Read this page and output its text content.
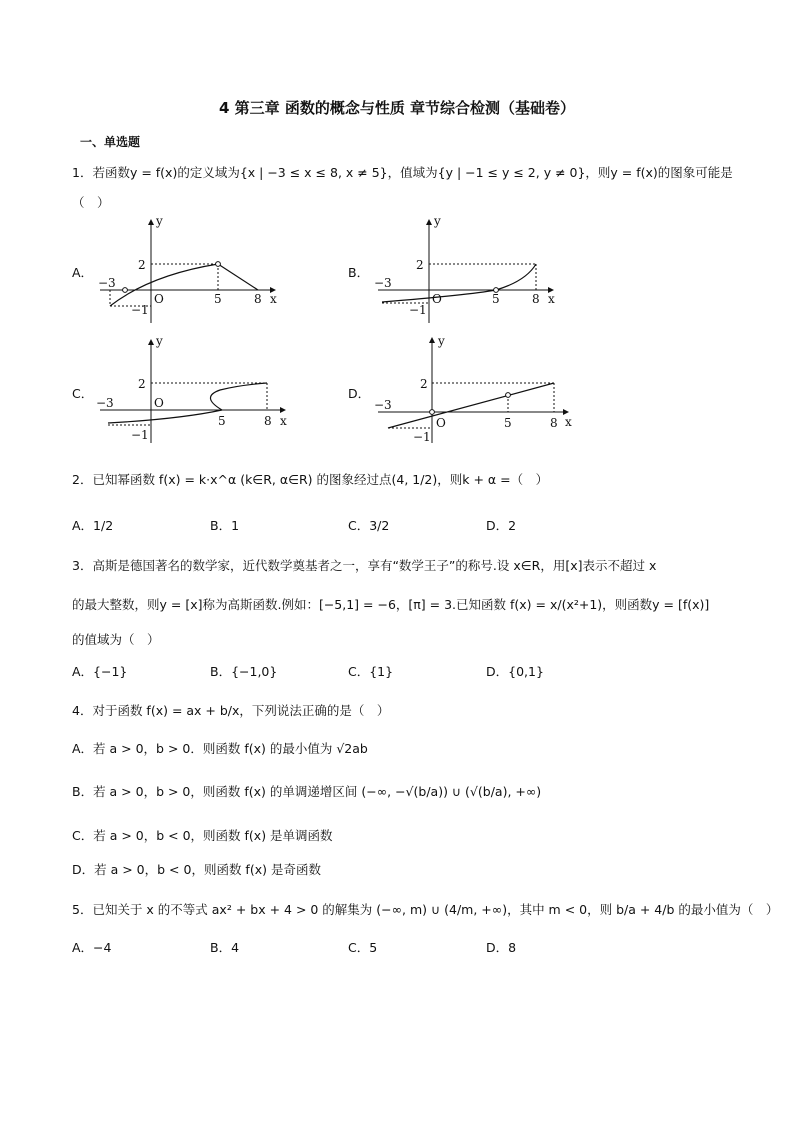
4 第三章 函数的概念与性质 章节综合检测（基础卷）
一、单选题
1．若函数y = f(x)的定义域为{x | −3 ≤ x ≤ 8, x ≠ 5}，值域为{y | −1 ≤ y ≤ 2, y ≠ 0}，则y = f(x)的图象可能是
（　）
A．	B．
C．	D．
y
x
O
−3
−1
2
5	8
y
x
O
−3
−1
2
5	8
y
x
O
−3
−1
2
5	8
y
x
O
−3
−1
2
5	8
2．已知幂函数 f(x) = k·x^α (k∈R, α∈R) 的图象经过点(4, 1/2)，则k + α =（　）
A．1/2	B．1	C．3/2	D．2
3．高斯是德国著名的数学家，近代数学奠基者之一，享有“数学王子”的称号.设 x∈R，用[x]表示不超过 x
的最大整数，则y = [x]称为高斯函数.例如：[−5,1] = −6，[π] = 3.已知函数 f(x) = x/(x²+1)，则函数y = [f(x)]
的值域为（　）
A．{−1}	B．{−1,0}	C．{1}	D．{0,1}
4．对于函数 f(x) = ax + b/x，下列说法正确的是（　）
A．若 a > 0，b > 0．则函数 f(x) 的最小值为 √2ab
B．若 a > 0，b > 0，则函数 f(x) 的单调递增区间 (−∞, −√(b/a)) ∪ (√(b/a), +∞)
C．若 a > 0，b < 0，则函数 f(x) 是单调函数
D．若 a > 0，b < 0，则函数 f(x) 是奇函数
5．已知关于 x 的不等式 ax² + bx + 4 > 0 的解集为 (−∞, m) ∪ (4/m, +∞)，其中 m < 0，则 b/a + 4/b 的最小值为（　）
A．−4	B．4	C．5	D．8
